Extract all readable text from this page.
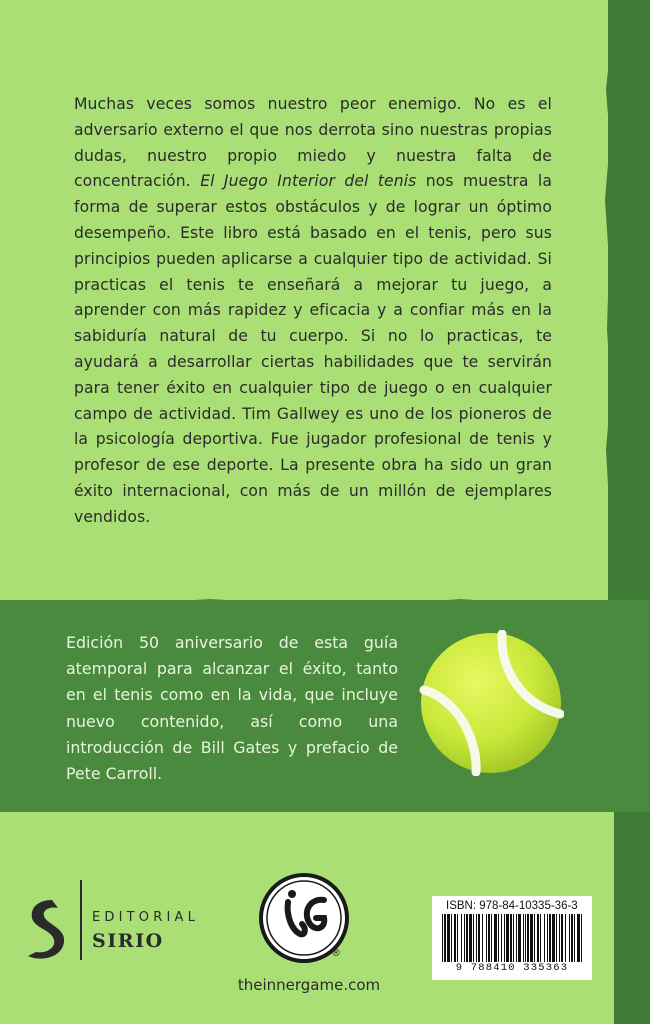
Muchas veces somos nuestro peor enemigo. No es el adversario externo el que nos derrota sino nuestras propias dudas, nuestro propio miedo y nuestra falta de concentración. El Juego Interior del tenis nos muestra la forma de superar estos obstáculos y de lograr un óptimo desempeño. Este libro está basado en el tenis, pero sus principios pueden aplicarse a cualquier tipo de actividad. Si practicas el tenis te enseñará a mejorar tu juego, a aprender con más rapidez y eficacia y a confiar más en la sabiduría natural de tu cuerpo. Si no lo practicas, te ayudará a desarrollar ciertas habilidades que te servirán para tener éxito en cualquier tipo de juego o en cualquier campo de actividad. Tim Gallwey es uno de los pioneros de la psicología deportiva. Fue jugador profesional de tenis y profesor de ese deporte. La presente obra ha sido un gran éxito internacional, con más de un millón de ejemplares vendidos.
Edición 50 aniversario de esta guía atemporal para alcanzar el éxito, tanto en el tenis como en la vida, que incluye nuevo contenido, así como una introducción de Bill Gates y prefacio de Pete Carroll.
EDITORIAL
SIRIO
®
theinnergame.com
ISBN: 978-84-10335-36-3
9 788410 335363
